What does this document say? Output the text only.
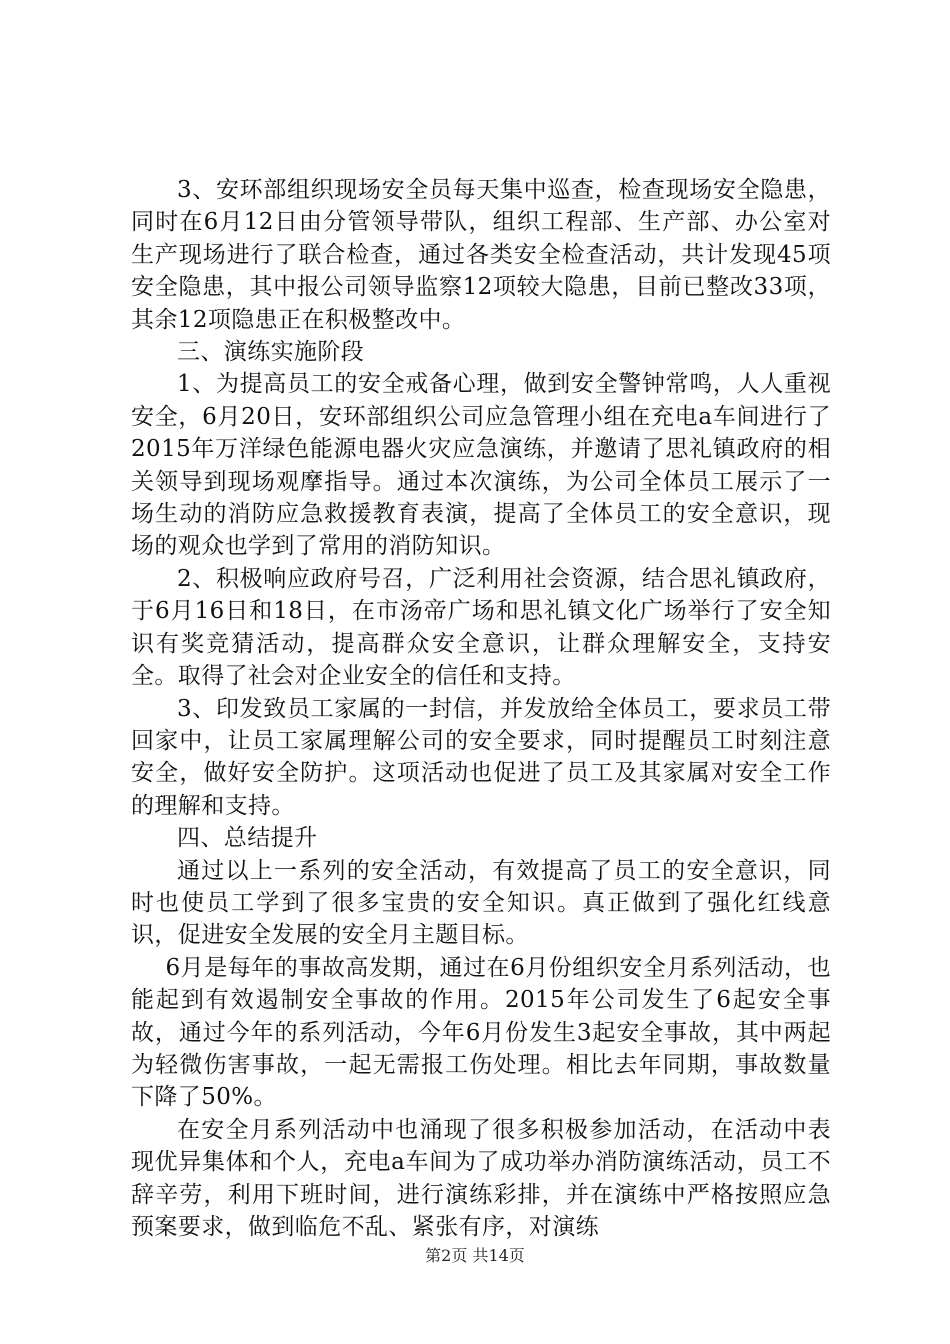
3、安环部组织现场安全员每天集中巡查，检查现场安全隐患，同时在6月12日由分管领导带队，组织工程部、生产部、办公室对生产现场进行了联合检查，通过各类安全检查活动，共计发现45项安全隐患，其中报公司领导监察12项较大隐患，目前已整改33项，其余12项隐患正在积极整改中。

三、演练实施阶段

1、为提高员工的安全戒备心理，做到安全警钟常鸣，人人重视安全，6月20日，安环部组织公司应急管理小组在充电a车间进行了2015年万洋绿色能源电器火灾应急演练，并邀请了思礼镇政府的相关领导到现场观摩指导。通过本次演练，为公司全体员工展示了一场生动的消防应急救援教育表演，提高了全体员工的安全意识，现场的观众也学到了常用的消防知识。

2、积极响应政府号召，广泛利用社会资源，结合思礼镇政府，于6月16日和18日，在市汤帝广场和思礼镇文化广场举行了安全知识有奖竞猜活动，提高群众安全意识，让群众理解安全，支持安全。取得了社会对企业安全的信任和支持。

3、印发致员工家属的一封信，并发放给全体员工，要求员工带回家中，让员工家属理解公司的安全要求，同时提醒员工时刻注意安全，做好安全防护。这项活动也促进了员工及其家属对安全工作的理解和支持。

四、总结提升

通过以上一系列的安全活动，有效提高了员工的安全意识，同时也使员工学到了很多宝贵的安全知识。真正做到了强化红线意识，促进安全发展的安全月主题目标。

6月是每年的事故高发期，通过在6月份组织安全月系列活动，也能起到有效遏制安全事故的作用。2015年公司发生了6起安全事故，通过今年的系列活动，今年6月份发生3起安全事故，其中两起为轻微伤害事故，一起无需报工伤处理。相比去年同期，事故数量下降了50%。

在安全月系列活动中也涌现了很多积极参加活动，在活动中表现优异集体和个人，充电a车间为了成功举办消防演练活动，员工不辞辛劳，利用下班时间，进行演练彩排，并在演练中严格按照应急预案要求，做到临危不乱、紧张有序，对演练

第2页 共14页
